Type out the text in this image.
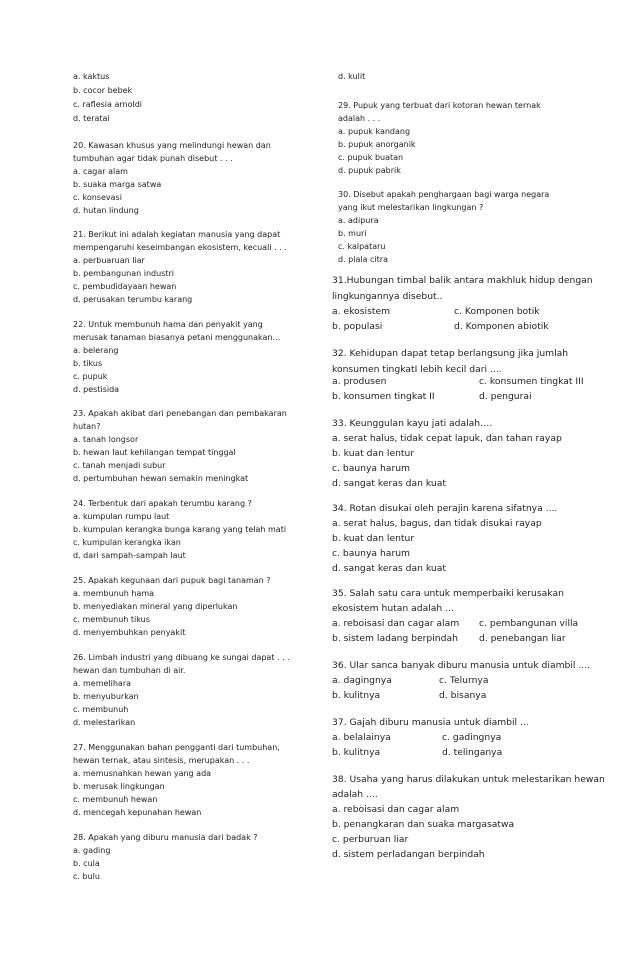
a. kaktus
b. cocor bebek
c. raflesia arnoldi
d. teratai
20. Kawasan khusus yang melindungi hewan dan
tumbuhan agar tidak punah disebut . . .
a. cagar alam
b. suaka marga satwa
c. konsevasi
d. hutan lindung
21. Berikut ini adalah kegiatan manusia yang dapat
mempengaruhi keseimbangan ekosistem, kecuali . . .
a. perbuaruan liar
b. pembangunan industri
c. pembudidayaan hewan
d. perusakan terumbu karang
22. Untuk membunuh hama dan penyakit yang
merusak tanaman biasanya petani menggunakan…
a. belerang
b. tikus
c. pupuk
d. pestisida
23. Apakah akibat dari penebangan dan pembakaran
hutan?
a. tanah longsor
b. hewan laut kehilangan tempat tinggal
c. tanah menjadi subur
d. pertumbuhan hewan semakin meningkat
24. Terbentuk dari apakah terumbu karang ?
a. kumpulan rumpu laut
b. kumpulan kerangka bunga karang yang telah mati
c. kumpulan kerangka ikan
d. dari sampah-sampah laut
25. Apakah kegunaan dari pupuk bagi tanaman ?
a. membunuh hama
b. menyediakan mineral yang diperlukan
c. membunuh tikus
d. menyembuhkan penyakit
26. Limbah industri yang dibuang ke sungai dapat . . .
hewan dan tumbuhan di air.
a. memelihara
b. menyuburkan
c. membunuh
d. melestarikan
27. Menggunakan bahan pengganti dari tumbuhan,
hewan ternak, atau sintesis, merupakan . . .
a. memusnahkan hewan yang ada
b. merusak lingkungan
c. membunuh hewan
d. mencegah kepunahan hewan
28. Apakah yang diburu manusia dari badak ?
a. gading
b. cula
c. bulu
d. kulit
29. Pupuk yang terbuat dari kotoran hewan ternak
adalah . . .
a. pupuk kandang
b. pupuk anorganik
c. pupuk buatan
d. pupuk pabrik
30. Disebut apakah penghargaan bagi warga negara
yang ikut melestarikan lingkungan ?
a. adipura
b. muri
c. kalpataru
d. piala citra
31.Hubungan timbal balik antara makhluk hidup dengan
lingkungannya disebut..
a. ekosistem	c. Komponen botik
b. populasi	d. Komponen abiotik
32. Kehidupan dapat tetap berlangsung jika jumlah
konsumen tingkatI lebih kecil dari ....
a. produsen	c. konsumen tingkat III
b. konsumen tingkat II	d. pengurai
33. Keunggulan kayu jati adalah….
a. serat halus, tidak cepat lapuk, dan tahan rayap
b. kuat dan lentur
c. baunya harum
d. sangat keras dan kuat
34. Rotan disukai oleh perajin karena sifatnya ....
a. serat halus, bagus, dan tidak disukai rayap
b. kuat dan lentur
c. baunya harum
d. sangat keras dan kuat
35. Salah satu cara untuk memperbaiki kerusakan
ekosistem hutan adalah ...
a. reboisasi dan cagar alam c. pembangunan villa
b. sistem ladang berpindah d. penebangan liar
36. Ular sanca banyak diburu manusia untuk diambil ....
a. dagingnya	c. Telurnya
b. kulitnya	d. bisanya
37. Gajah diburu manusia untuk diambil ...
a. belalainya	c. gadingnya
b. kulitnya	d. telinganya
38. Usaha yang harus dilakukan untuk melestarikan hewan
adalah ....
a. reboisasi dan cagar alam
b. penangkaran dan suaka margasatwa
c. perburuan liar
d. sistem perladangan berpindah
